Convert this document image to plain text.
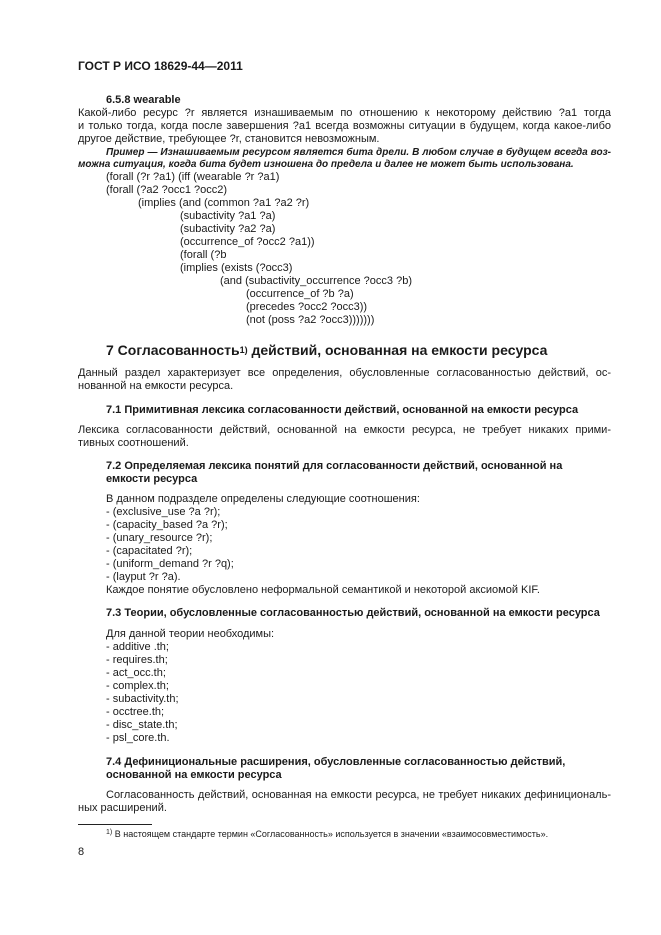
ГОСТ Р ИСО 18629-44—2011
6.5.8 wearable
Какой-либо ресурс ?r является изнашиваемым по отношению к некоторому действию ?a1 тогда
и только тогда, когда после завершения ?a1 всегда возможны ситуации в будущем, когда какое-либо
другое действие, требующее ?r, становится невозможным.
Пример — Изнашиваемым ресурсом является бита дрели. В любом случае в будущем всегда воз-
можна ситуация, когда бита будет изношена до предела и далее не может быть использована.
(forall (?r ?a1) (iff (wearable ?r ?a1)
(forall (?a2 ?occ1 ?occ2)
(implies (and (common ?a1 ?a2 ?r)
(subactivity ?a1 ?a)
(subactivity ?a2 ?a)
(occurrence_of ?occ2 ?a1))
(forall (?b
(implies (exists (?occ3)
(and (subactivity_occurrence ?occ3 ?b)
(occurrence_of ?b ?a)
(precedes ?occ2 ?occ3))
(not (poss ?a2 ?occ3)))))))
7 Согласованность$^{1)}$ действий, основанная на емкости ресурса
Данный раздел характеризует все определения, обусловленные согласованностью действий, ос-
нованной на емкости ресурса.
7.1 Примитивная лексика согласованности действий, основанной на емкости ресурса
Лексика согласованности действий, основанной на емкости ресурса, не требует никаких прими-
тивных соотношений.
7.2 Определяемая лексика понятий для согласованности действий, основанной на
емкости ресурса
В данном подразделе определены следующие соотношения:
- (exclusive_use ?a ?r);
- (capacity_based ?a ?r);
- (unary_resource ?r);
- (capacitated ?r);
- (uniform_demand ?r ?q);
- (layput ?r ?a).
Каждое понятие обусловлено неформальной семантикой и некоторой аксиомой KIF.
7.3 Теории, обусловленные согласованностью действий, основанной на емкости ресурса
Для данной теории необходимы:
- additive .th;
- requires.th;
- act_occ.th;
- complex.th;
- subactivity.th;
- occtree.th;
- disc_state.th;
- psl_core.th.
7.4 Дефинициональные расширения, обусловленные согласованностью действий,
основанной на емкости ресурса
Согласованность действий, основанная на емкости ресурса, не требует никаких дефинициональ-
ных расширений.
$^{1)}$ В настоящем стандарте термин «Согласованность» используется в значении «взаимосовместимость».
8
